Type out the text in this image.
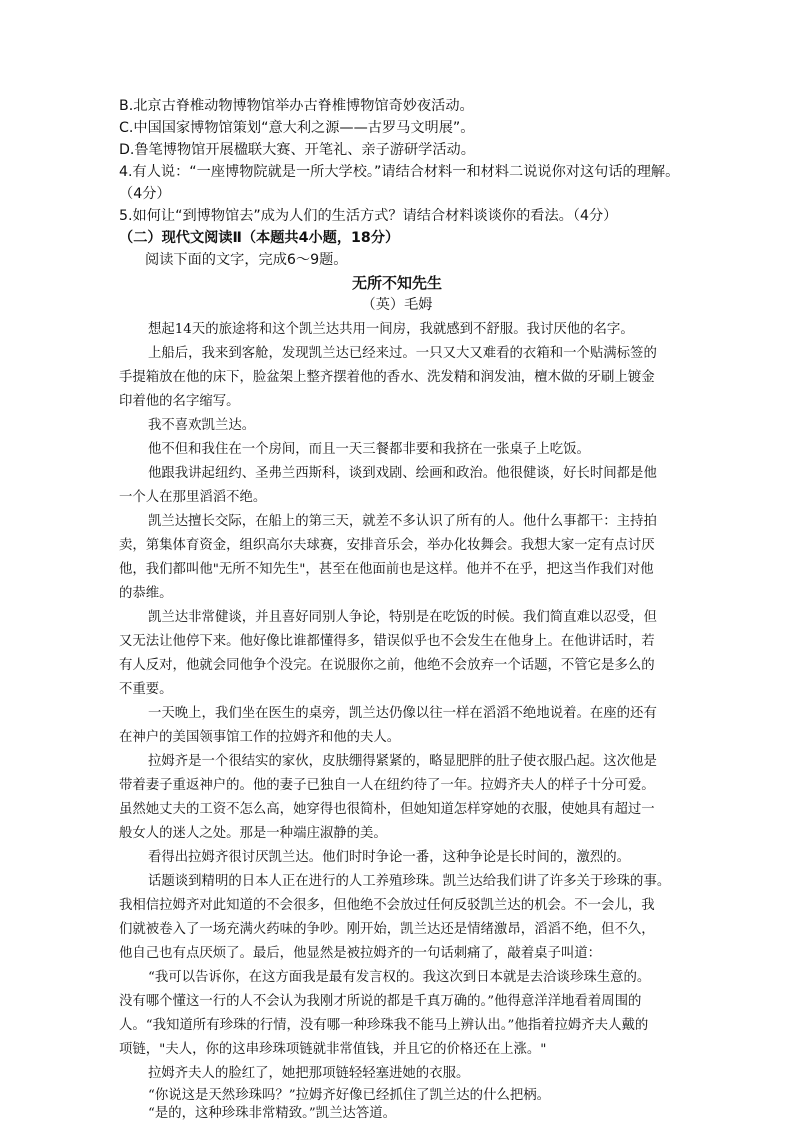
B.北京古脊椎动物博物馆举办古脊椎博物馆奇妙夜活动。
C.中国国家博物馆策划“意大利之源——古罗马文明展”。
D.鲁笔博物馆开展楹联大赛、开笔礼、亲子游研学活动。
4.有人说：“一座博物院就是一所大学校。”请结合材料一和材料二说说你对这句话的理解。
（4分）
5.如何让“到博物馆去”成为人们的生活方式？请结合材料谈谈你的看法。（4分）
（二）现代文阅读Ⅱ（本题共4小题，18分）
阅读下面的文字，完成6～9题。
无所不知先生
（英）毛姆
想起14天的旅途将和这个凯兰达共用一间房，我就感到不舒服。我讨厌他的名字。
上船后，我来到客舱，发现凯兰达已经来过。一只又大又难看的衣箱和一个贴满标签的
手提箱放在他的床下，脸盆架上整齐摆着他的香水、洗发精和润发油，檀木做的牙刷上镀金
印着他的名字缩写。
我不喜欢凯兰达。
他不但和我住在一个房间，而且一天三餐都非要和我挤在一张桌子上吃饭。
他跟我讲起纽约、圣弗兰西斯科，谈到戏剧、绘画和政治。他很健谈，好长时间都是他
一个人在那里滔滔不绝。
凯兰达擅长交际，在船上的第三天，就差不多认识了所有的人。他什么事都干：主持拍
卖，第集体育资金，组织高尔夫球赛，安排音乐会，举办化妆舞会。我想大家一定有点讨厌
他，我们都叫他"无所不知先生"，甚至在他面前也是这样。他并不在乎，把这当作我们对他
的恭维。
凯兰达非常健谈，并且喜好同别人争论，特别是在吃饭的时候。我们简直难以忍受，但
又无法让他停下来。他好像比谁都懂得多，错误似乎也不会发生在他身上。在他讲话时，若
有人反对，他就会同他争个没完。在说服你之前，他绝不会放弃一个话题，不管它是多么的
不重要。
一天晚上，我们坐在医生的桌旁，凯兰达仍像以往一样在滔滔不绝地说着。在座的还有
在神户的美国领事馆工作的拉姆齐和他的夫人。
拉姆齐是一个很结实的家伙，皮肤绷得紧紧的，略显肥胖的肚子使衣服凸起。这次他是
带着妻子重返神户的。他的妻子已独自一人在纽约待了一年。拉姆齐夫人的样子十分可爱。
虽然她丈夫的工资不怎么高，她穿得也很简朴，但她知道怎样穿她的衣服，使她具有超过一
般女人的迷人之处。那是一种端庄淑静的美。
看得出拉姆齐很讨厌凯兰达。他们时时争论一番，这种争论是长时间的，激烈的。
话题谈到精明的日本人正在进行的人工养殖珍珠。凯兰达给我们讲了许多关于珍珠的事。
我相信拉姆齐对此知道的不会很多，但他绝不会放过任何反驳凯兰达的机会。不一会儿，我
们就被卷入了一场充满火药味的争吵。刚开始，凯兰达还是情绪激昂，滔滔不绝，但不久，
他自己也有点厌烦了。最后，他显然是被拉姆齐的一句话刺痛了，敲着桌子叫道：
“我可以告诉你，在这方面我是最有发言权的。我这次到日本就是去洽谈珍珠生意的。
没有哪个懂这一行的人不会认为我刚才所说的都是千真万确的。”他得意洋洋地看着周围的
人。“我知道所有珍珠的行情，没有哪一种珍珠我不能马上辨认出。”他指着拉姆齐夫人戴的
项链，"夫人，你的这串珍珠项链就非常值钱，并且它的价格还在上涨。"
拉姆齐夫人的脸红了，她把那项链轻轻塞进她的衣服。
“你说这是天然珍珠吗？”拉姆齐好像已经抓住了凯兰达的什么把柄。
“是的，这种珍珠非常精致。”凯兰达答道。
